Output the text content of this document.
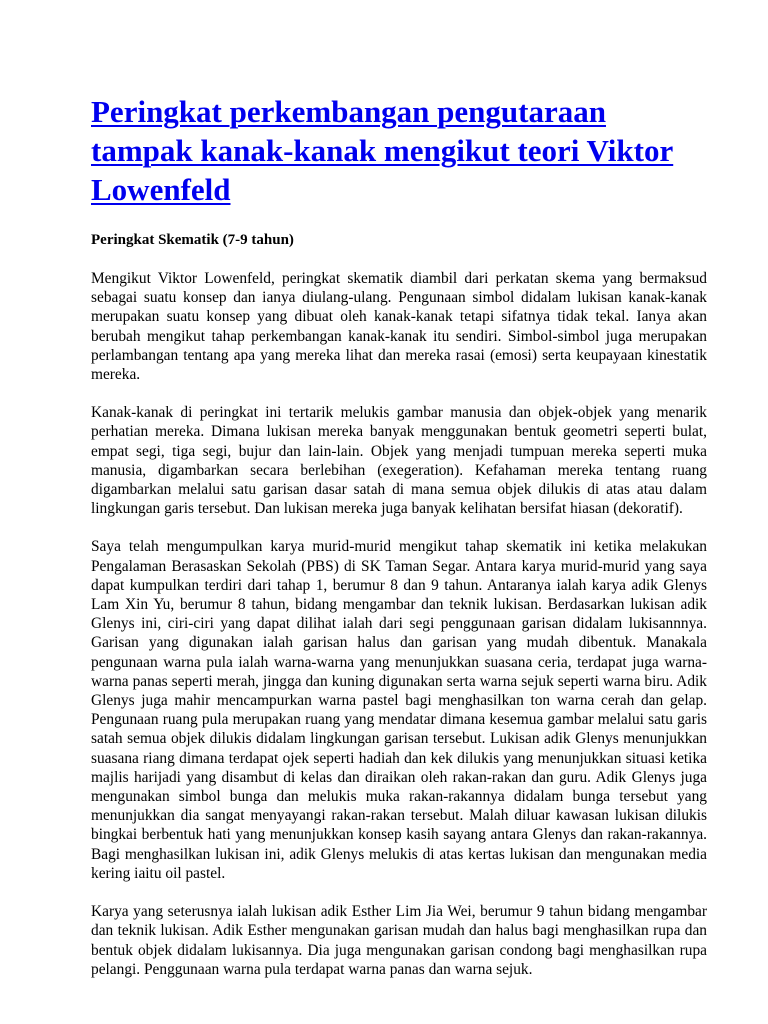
Peringkat perkembangan pengutaraan tampak kanak-kanak mengikut teori Viktor Lowenfeld

Peringkat Skematik (7-9 tahun)

Mengikut Viktor Lowenfeld, peringkat skematik diambil dari perkatan skema yang bermaksud sebagai suatu konsep dan ianya diulang-ulang. Pengunaan simbol didalam lukisan kanak-kanak merupakan suatu konsep yang dibuat oleh kanak-kanak tetapi sifatnya tidak tekal. Ianya akan berubah mengikut tahap perkembangan kanak-kanak itu sendiri. Simbol-simbol juga merupakan perlambangan tentang apa yang mereka lihat dan mereka rasai (emosi) serta keupayaan kinestatik mereka.

Kanak-kanak di peringkat ini tertarik melukis gambar manusia dan objek-objek yang menarik perhatian mereka. Dimana lukisan mereka banyak menggunakan bentuk geometri seperti bulat, empat segi, tiga segi, bujur dan lain-lain. Objek yang menjadi tumpuan mereka seperti muka manusia, digambarkan secara berlebihan (exegeration). Kefahaman mereka tentang ruang digambarkan melalui satu garisan dasar satah di mana semua objek dilukis di atas atau dalam lingkungan garis tersebut. Dan lukisan mereka juga banyak kelihatan bersifat hiasan (dekoratif).

Saya telah mengumpulkan karya murid-murid mengikut tahap skematik ini ketika melakukan Pengalaman Berasaskan Sekolah (PBS) di SK Taman Segar. Antara karya murid-murid yang saya dapat kumpulkan terdiri dari tahap 1, berumur 8 dan 9 tahun. Antaranya ialah karya adik Glenys Lam Xin Yu, berumur 8 tahun, bidang mengambar dan teknik lukisan. Berdasarkan lukisan adik Glenys ini, ciri-ciri yang dapat dilihat ialah dari segi penggunaan garisan didalam lukisannnya. Garisan yang digunakan ialah garisan halus dan garisan yang mudah dibentuk. Manakala pengunaan warna pula ialah warna-warna yang menunjukkan suasana ceria, terdapat juga warna-warna panas seperti merah, jingga dan kuning digunakan serta warna sejuk seperti warna biru. Adik Glenys juga mahir mencampurkan warna pastel bagi menghasilkan ton warna cerah dan gelap. Pengunaan ruang pula merupakan ruang yang mendatar dimana kesemua gambar melalui satu garis satah semua objek dilukis didalam lingkungan garisan tersebut. Lukisan adik Glenys menunjukkan suasana riang dimana terdapat ojek seperti hadiah dan kek dilukis yang menunjukkan situasi ketika majlis harijadi yang disambut di kelas dan diraikan oleh rakan-rakan dan guru. Adik Glenys juga mengunakan simbol bunga dan melukis muka rakan-rakannya didalam bunga tersebut yang menunjukkan dia sangat menyayangi rakan-rakan tersebut. Malah diluar kawasan lukisan dilukis bingkai berbentuk hati yang menunjukkan konsep kasih sayang antara Glenys dan rakan-rakannya. Bagi menghasilkan lukisan ini, adik Glenys melukis di atas kertas lukisan dan mengunakan media kering iaitu oil pastel.

Karya yang seterusnya ialah lukisan adik Esther Lim Jia Wei, berumur 9 tahun bidang mengambar dan teknik lukisan. Adik Esther mengunakan garisan mudah dan halus bagi menghasilkan rupa dan bentuk objek didalam lukisannya. Dia juga mengunakan garisan condong bagi menghasilkan rupa pelangi. Penggunaan warna pula terdapat warna panas dan warna sejuk.
